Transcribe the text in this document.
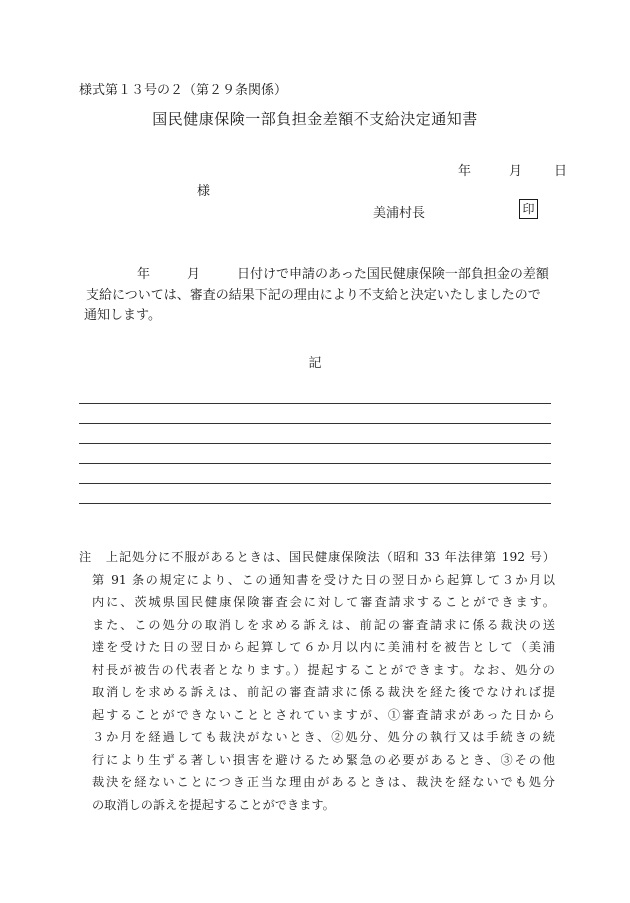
様式第１３号の２（第２９条関係）
国民健康保険一部負担金差額不支給決定通知書
年	月 日
様
美浦村長	印
年	月	日付けで申請のあった国民健康保険一部負担金の差額
支給については、審査の結果下記の理由により不支給と決定いたしましたので
通知します。
記
注 上記処分に不服があるときは、国民健康保険法（昭和 33 年法律第 192 号）
第 91 条の規定により、この通知書を受けた日の翌日から起算して３か月以
内に、茨城県国民健康保険審査会に対して審査請求することができます。
また、この処分の取消しを求める訴えは、前記の審査請求に係る裁決の送
達を受けた日の翌日から起算して６か月以内に美浦村を被告として（美浦
村長が被告の代表者となります。）提起することができます。なお、処分の
取消しを求める訴えは、前記の審査請求に係る裁決を経た後でなければ提
起することができないこととされていますが、①審査請求があった日から
３か月を経過しても裁決がないとき、②処分、処分の執行又は手続きの続
行により生ずる著しい損害を避けるため緊急の必要があるとき、③その他
裁決を経ないことにつき正当な理由があるときは、裁決を経ないでも処分
の取消しの訴えを提起することができます。
